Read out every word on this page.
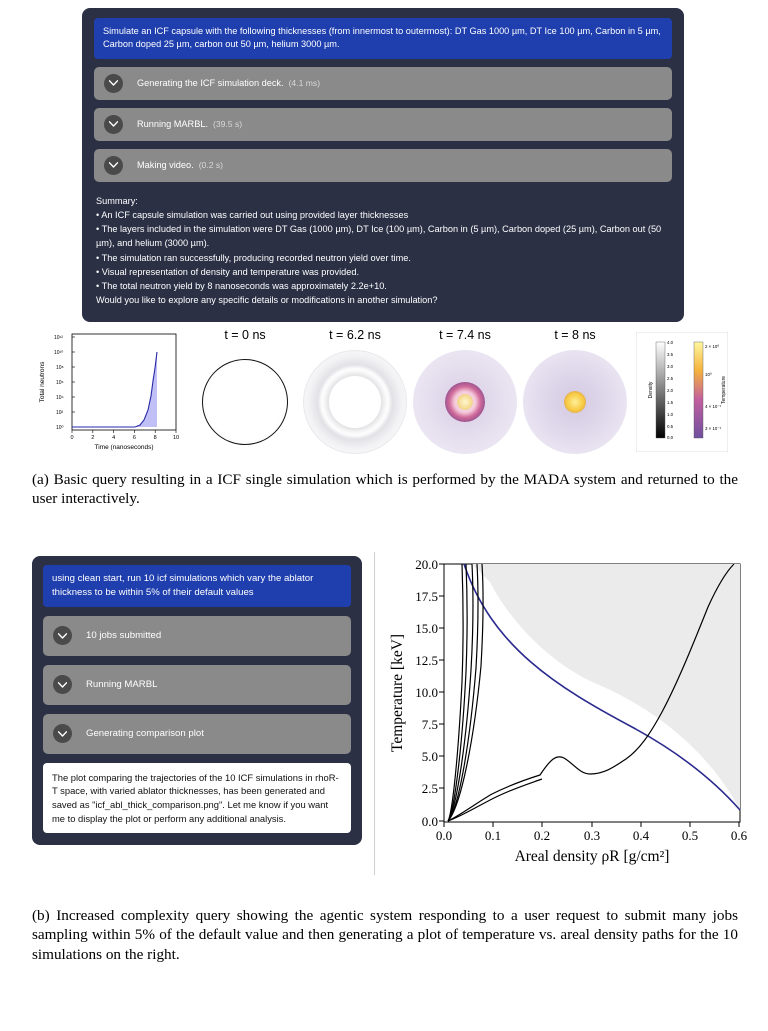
Simulate an ICF capsule with the following thicknesses (from innermost to outermost): DT Gas 1000 µm, DT Ice 100 µm, Carbon in 5 µm, Carbon doped 25 µm, carbon out 50 µm, helium 3000 µm.
Generating the ICF simulation deck. (4.1 ms)
Running MARBL. (39.5 s)
Making video. (0.2 s)
Summary:
• An ICF capsule simulation was carried out using provided layer thicknesses
• The layers included in the simulation were DT Gas (1000 µm), DT Ice (100 µm), Carbon in (5 µm), Carbon doped (25 µm), Carbon out (50 µm), and helium (3000 µm).
• The simulation ran successfully, producing recorded neutron yield over time.
• Visual representation of density and temperature was provided.
• The total neutron yield by 8 nanoseconds was approximately 2.2e+10.
Would you like to explore any specific details or modifications in another simulation?
10¹²
10¹⁰
10⁸
10⁶
10⁴
10²
10⁰
0	2	4	6	8	10
Time (nanoseconds)
Total neutrons
t = 0 ns	t = 6.2 ns	t = 7.4 ns	t = 8 ns
4.0
3.5
3.0
2.5
2.0
1.5
1.0
0.5
0.0
2 × 10⁰
10⁰
4 × 10⁻¹
3 × 10⁻¹
Density	Temperature
(a) Basic query resulting in a ICF single simulation which is performed by the MADA system and returned to the user interactively.
using clean start, run 10 icf simulations which vary the ablator thickness to be within 5% of their default values
10 jobs submitted
Running MARBL
Generating comparison plot
The plot comparing the trajectories of the 10 ICF simulations in rhoR-T space, with varied ablator thicknesses, has been generated and saved as "icf_abl_thick_comparison.png". Let me know if you want me to display the plot or perform any additional analysis.
0.0	0.1	0.2	0.3	0.4	0.5	0.6
20.0
17.5
15.0
12.5
10.0
7.5
5.0
2.5
0.0
Areal density ρR [g/cm²]
Temperature [keV]
(b) Increased complexity query showing the agentic system responding to a user request to submit many jobs sampling within 5% of the default value and then generating a plot of temperature vs. areal density paths for the 10 simulations on the right.
